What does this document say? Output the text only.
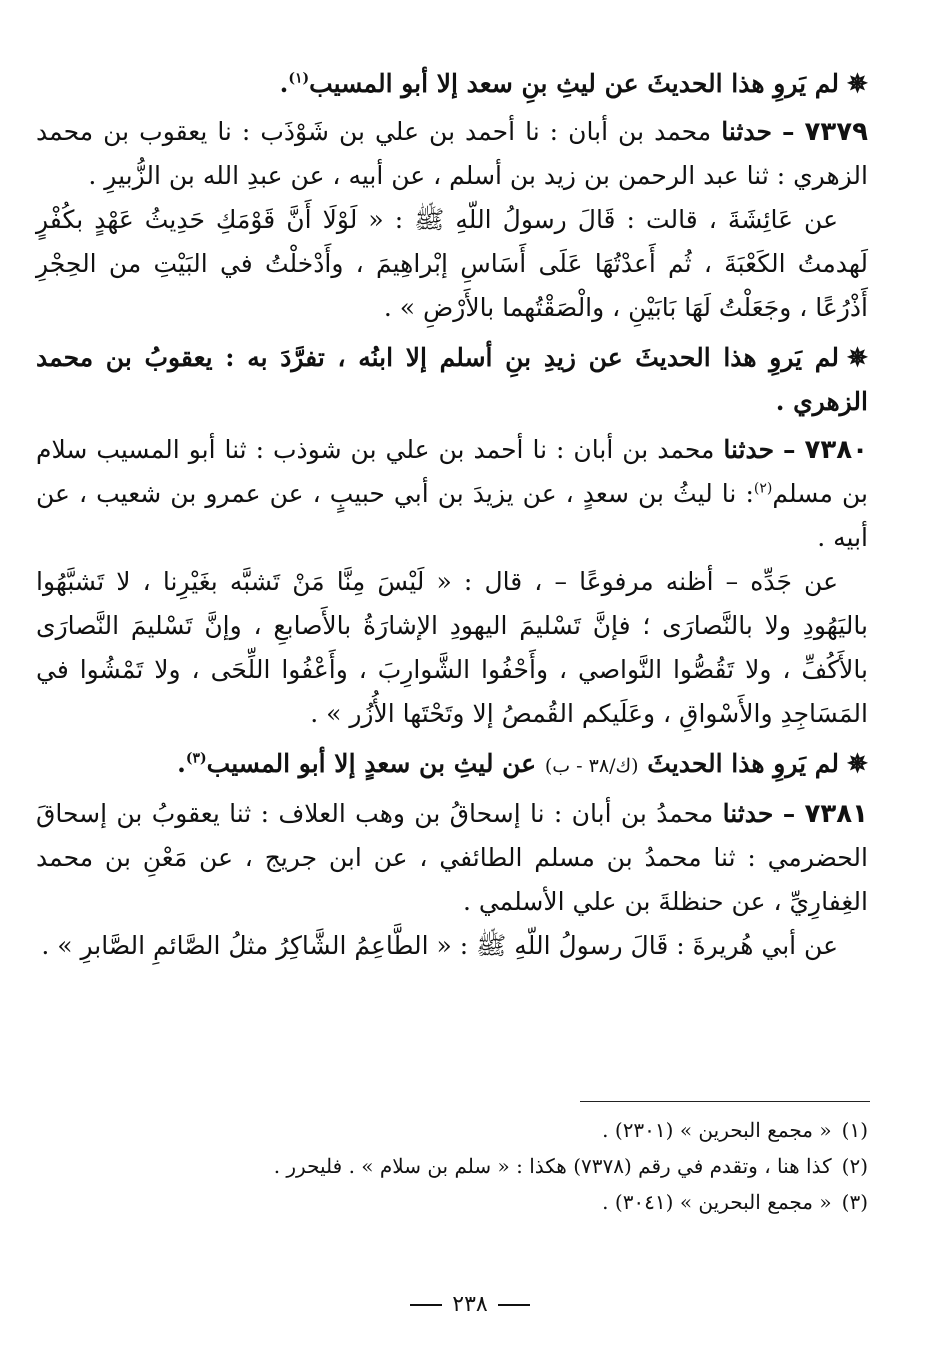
✵لم يَروِ هذا الحديثَ عن ليثِ بنِ سعد إلا أبو المسيب$^{(١)}$.

٧٣٧٩ – حدثنا محمد بن أبان : نا أحمد بن علي بن شَوْذَب : نا يعقوب بن محمد الزهري : ثنا عبد الرحمن بن زيد بن أسلم ، عن أبيه ، عن عبدِ الله بن الزُّبيرِ .

عن عَائِشَةَ ، قالت : قَالَ رسولُ اللّهِ ﷺ : « لَوْلَا أَنَّ قَوْمَكِ حَدِيثُ عَهْدٍ بكُفْرٍ لَهدمتُ الكَعْبَةَ ، ثُم أَعدْتُهَا عَلَى أَسَاسِ إبْراهِيمَ ، وأَدْخلْتُ في البَيْتِ من الحِجْرِ أَذْرُعًا ، وجَعَلْتُ لَهَا بَابَيْنِ ، والْصَقْتُهما بالأَرْضِ » .

✵لم يَروِ هذا الحديثَ عن زيدِ بنِ أسلم إلا ابنُه ، تفرَّدَ به : يعقوبُ بن محمد الزهري .

٧٣٨٠ – حدثنا محمد بن أبان : نا أحمد بن علي بن شوذب : ثنا أبو المسيب سلام بن مسلم$^{(٢)}$: نا ليثُ بن سعدٍ ، عن يزيدَ بن أبي حبيبٍ ، عن عمرو بن شعيب ، عن أبيه .

عن جَدِّه – أظنه مرفوعًا – ، قال : « لَيْسَ مِنَّا مَنْ تَشبَّه بغَيْرِنا ، لا تَشبَّهُوا باليَهُودِ ولا بالنَّصارَى ؛ فإنَّ تَسْليمَ اليهودِ الإشارَةُ بالأَصابعِ ، وإنَّ تَسْليمَ النَّصارَى بالأَكُفِّ ، ولا تَقُصُّوا النَّواصي ، وأَحْفُوا الشَّوارِبَ ، وأَعْفُوا اللِّحَى ، ولا تَمْشُوا في المَسَاجِدِ والأَسْواقِ ، وعَلَيكم القُمصُ إلا وتَحْتَها الأُزُر » .

✵لم يَروِ هذا الحديثَ (ك/٣٨ - ب) عن ليثِ بن سعدٍ إلا أبو المسيب$^{(٣)}$.

٧٣٨١ – حدثنا محمدُ بن أبان : نا إسحاقُ بن وهب العلاف : ثنا يعقوبُ بن إسحاقَ الحضرمي : ثنا محمدُ بن مسلم الطائفي ، عن ابن جريج ، عن مَعْنِ بن محمد الغِفارِيِّ ، عن حنظلةَ بن علي الأسلمي .

عن أبي هُريرةَ : قَالَ رسولُ اللّهِ ﷺ : « الطَّاعِمُ الشَّاكِرُ مثلُ الصَّائمِ الصَّابرِ » .

(١)« مجمع البحرين » (٢٣٠١) .

(٢)كذا هنا ، وتقدم في رقم (٧٣٧٨) هكذا : « سلم بن سلام » . فليحرر .

(٣)« مجمع البحرين » (٣٠٤١) .

٢٣٨
